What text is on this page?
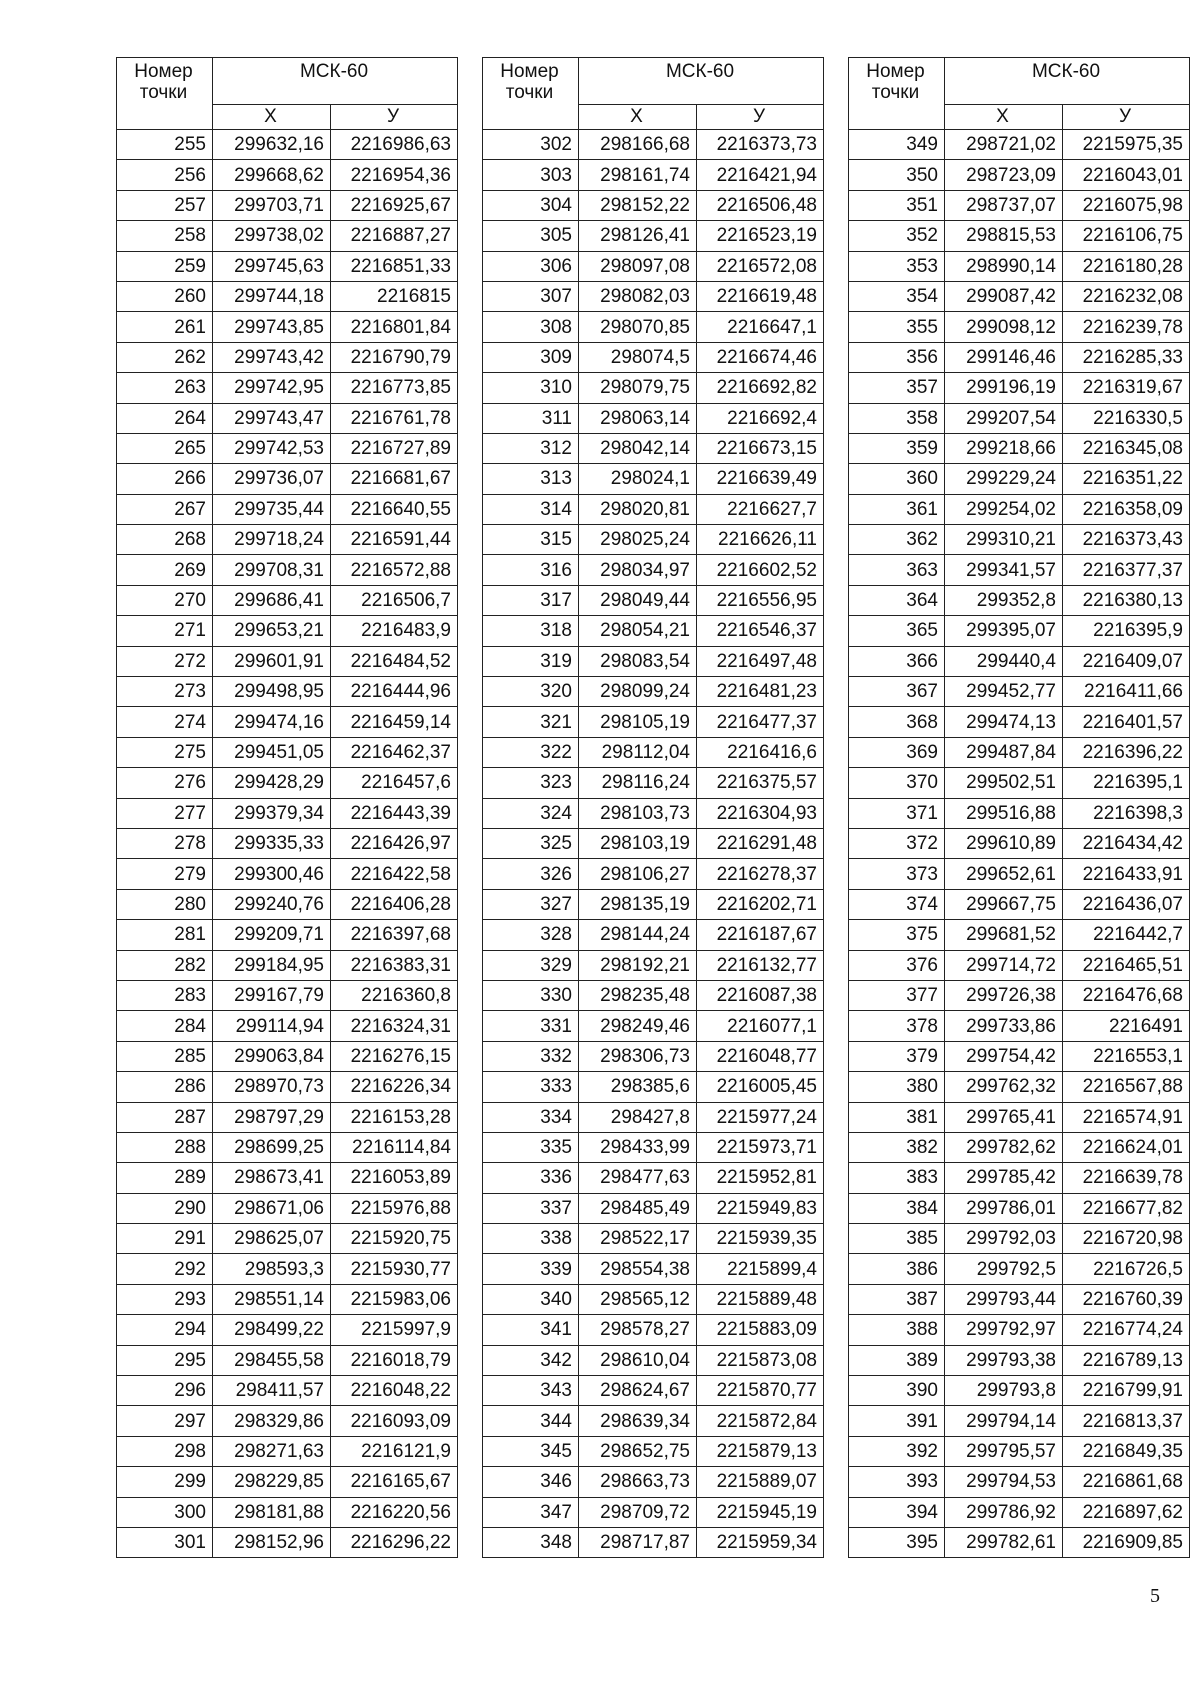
Номер точки	МСК-60	
	Х	У
255	299632,16	2216986,63
256	299668,62	2216954,36
257	299703,71	2216925,67
258	299738,02	2216887,27
259	299745,63	2216851,33
260	299744,18	2216815
261	299743,85	2216801,84
262	299743,42	2216790,79
263	299742,95	2216773,85
264	299743,47	2216761,78
265	299742,53	2216727,89
266	299736,07	2216681,67
267	299735,44	2216640,55
268	299718,24	2216591,44
269	299708,31	2216572,88
270	299686,41	2216506,7
271	299653,21	2216483,9
272	299601,91	2216484,52
273	299498,95	2216444,96
274	299474,16	2216459,14
275	299451,05	2216462,37
276	299428,29	2216457,6
277	299379,34	2216443,39
278	299335,33	2216426,97
279	299300,46	2216422,58
280	299240,76	2216406,28
281	299209,71	2216397,68
282	299184,95	2216383,31
283	299167,79	2216360,8
284	299114,94	2216324,31
285	299063,84	2216276,15
286	298970,73	2216226,34
287	298797,29	2216153,28
288	298699,25	2216114,84
289	298673,41	2216053,89
290	298671,06	2215976,88
291	298625,07	2215920,75
292	298593,3	2215930,77
293	298551,14	2215983,06
294	298499,22	2215997,9
295	298455,58	2216018,79
296	298411,57	2216048,22
297	298329,86	2216093,09
298	298271,63	2216121,9
299	298229,85	2216165,67
300	298181,88	2216220,56
301	298152,96	2216296,22
Номер точки	МСК-60	
	Х	У
302	298166,68	2216373,73
303	298161,74	2216421,94
304	298152,22	2216506,48
305	298126,41	2216523,19
306	298097,08	2216572,08
307	298082,03	2216619,48
308	298070,85	2216647,1
309	298074,5	2216674,46
310	298079,75	2216692,82
311	298063,14	2216692,4
312	298042,14	2216673,15
313	298024,1	2216639,49
314	298020,81	2216627,7
315	298025,24	2216626,11
316	298034,97	2216602,52
317	298049,44	2216556,95
318	298054,21	2216546,37
319	298083,54	2216497,48
320	298099,24	2216481,23
321	298105,19	2216477,37
322	298112,04	2216416,6
323	298116,24	2216375,57
324	298103,73	2216304,93
325	298103,19	2216291,48
326	298106,27	2216278,37
327	298135,19	2216202,71
328	298144,24	2216187,67
329	298192,21	2216132,77
330	298235,48	2216087,38
331	298249,46	2216077,1
332	298306,73	2216048,77
333	298385,6	2216005,45
334	298427,8	2215977,24
335	298433,99	2215973,71
336	298477,63	2215952,81
337	298485,49	2215949,83
338	298522,17	2215939,35
339	298554,38	2215899,4
340	298565,12	2215889,48
341	298578,27	2215883,09
342	298610,04	2215873,08
343	298624,67	2215870,77
344	298639,34	2215872,84
345	298652,75	2215879,13
346	298663,73	2215889,07
347	298709,72	2215945,19
348	298717,87	2215959,34
Номер точки	МСК-60	
	Х	У
349	298721,02	2215975,35
350	298723,09	2216043,01
351	298737,07	2216075,98
352	298815,53	2216106,75
353	298990,14	2216180,28
354	299087,42	2216232,08
355	299098,12	2216239,78
356	299146,46	2216285,33
357	299196,19	2216319,67
358	299207,54	2216330,5
359	299218,66	2216345,08
360	299229,24	2216351,22
361	299254,02	2216358,09
362	299310,21	2216373,43
363	299341,57	2216377,37
364	299352,8	2216380,13
365	299395,07	2216395,9
366	299440,4	2216409,07
367	299452,77	2216411,66
368	299474,13	2216401,57
369	299487,84	2216396,22
370	299502,51	2216395,1
371	299516,88	2216398,3
372	299610,89	2216434,42
373	299652,61	2216433,91
374	299667,75	2216436,07
375	299681,52	2216442,7
376	299714,72	2216465,51
377	299726,38	2216476,68
378	299733,86	2216491
379	299754,42	2216553,1
380	299762,32	2216567,88
381	299765,41	2216574,91
382	299782,62	2216624,01
383	299785,42	2216639,78
384	299786,01	2216677,82
385	299792,03	2216720,98
386	299792,5	2216726,5
387	299793,44	2216760,39
388	299792,97	2216774,24
389	299793,38	2216789,13
390	299793,8	2216799,91
391	299794,14	2216813,37
392	299795,57	2216849,35
393	299794,53	2216861,68
394	299786,92	2216897,62
395	299782,61	2216909,85
5
